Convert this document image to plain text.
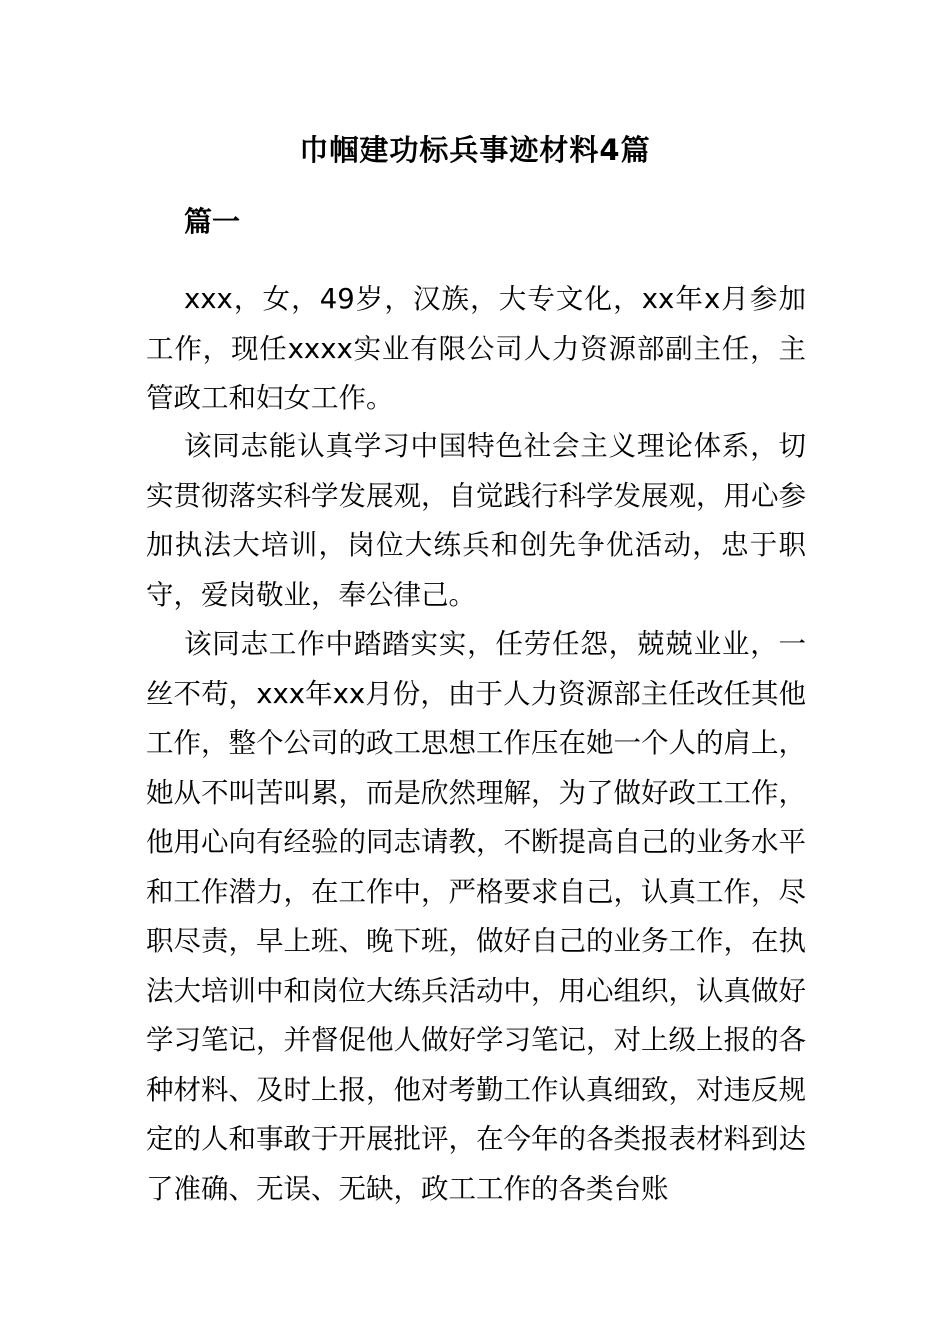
巾帼建功标兵事迹材料4篇
篇一

xxx，女，49岁，汉族，大专文化，xx年x月参加工作，现任xxxx实业有限公司人力资源部副主任，主管政工和妇女工作。

该同志能认真学习中国特色社会主义理论体系，切实贯彻落实科学发展观，自觉践行科学发展观，用心参加执法大培训，岗位大练兵和创先争优活动，忠于职守，爱岗敬业，奉公律己。

该同志工作中踏踏实实，任劳任怨，兢兢业业，一丝不苟，xxx年xx月份，由于人力资源部主任改任其他工作，整个公司的政工思想工作压在她一个人的肩上，她从不叫苦叫累，而是欣然理解，为了做好政工工作，他用心向有经验的同志请教，不断提高自己的业务水平和工作潜力，在工作中，严格要求自己，认真工作，尽职尽责，早上班、晚下班，做好自己的业务工作，在执法大培训中和岗位大练兵活动中，用心组织，认真做好学习笔记，并督促他人做好学习笔记，对上级上报的各种材料、及时上报，他对考勤工作认真细致，对违反规定的人和事敢于开展批评，在今年的各类报表材料到达了准确、无误、无缺，政工工作的各类台账
